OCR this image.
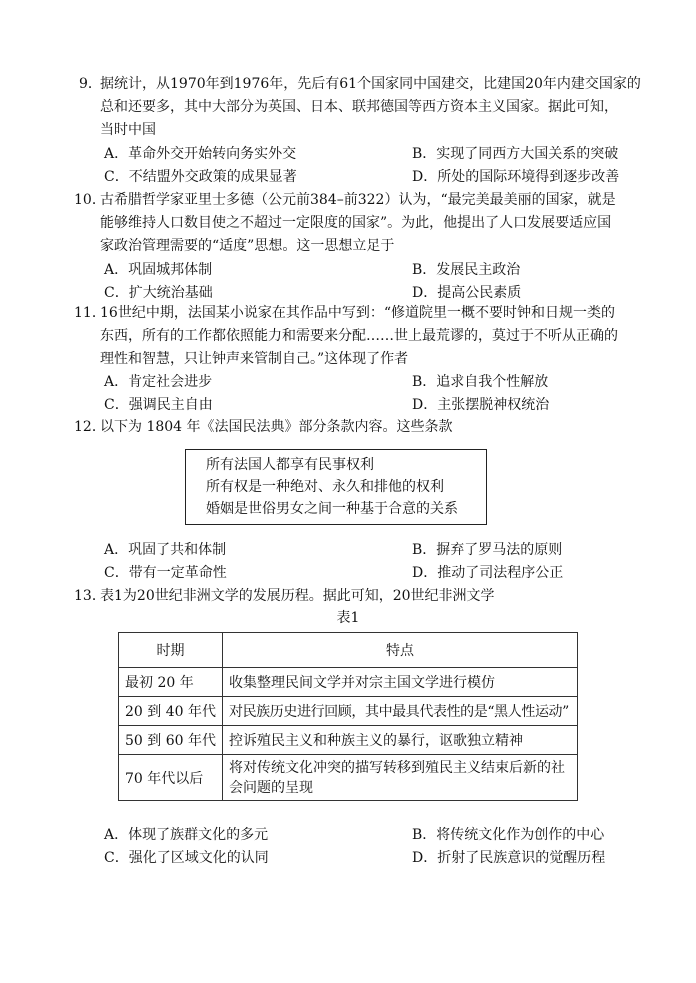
9．
据统计，从1970年到1976年，先后有61个国家同中国建交，比建国20年内建交国家的
总和还要多，其中大部分为英国、日本、联邦德国等西方资本主义国家。据此可知，
当时中国
A．革命外交开始转向务实外交	B．实现了同西方大国关系的突破
C．不结盟外交政策的成果显著	D．所处的国际环境得到逐步改善
10．
古希腊哲学家亚里士多德（公元前384–前322）认为，“最完美最美丽的国家，就是
能够维持人口数目使之不超过一定限度的国家”。为此，他提出了人口发展要适应国
家政治管理需要的“适度”思想。这一思想立足于
A．巩固城邦体制	B．发展民主政治
C．扩大统治基础	D．提高公民素质
11．
16世纪中期，法国某小说家在其作品中写到：“修道院里一概不要时钟和日规一类的
东西，所有的工作都依照能力和需要来分配……世上最荒谬的，莫过于不听从正确的
理性和智慧，只让钟声来管制自己。”这体现了作者
A．肯定社会进步	B．追求自我个性解放
C．强调民主自由	D．主张摆脱神权统治
12．
以下为 1804 年《法国民法典》部分条款内容。这些条款
所有法国人都享有民事权利
所有权是一种绝对、永久和排他的权利
婚姻是世俗男女之间一种基于合意的关系
A．巩固了共和体制	B．摒弃了罗马法的原则
C．带有一定革命性	D．推动了司法程序公正
13．
表1为20世纪非洲文学的发展历程。据此可知，20世纪非洲文学
表1
时期	特点
最初 20 年	收集整理民间文学并对宗主国文学进行模仿
20 到 40 年代	对民族历史进行回顾，其中最具代表性的是“黑人性运动”
50 到 60 年代	控诉殖民主义和种族主义的暴行，讴歌独立精神
70 年代以后	将对传统文化冲突的描写转移到殖民主义结束后新的社会问题的呈现
A．体现了族群文化的多元	B．将传统文化作为创作的中心
C．强化了区域文化的认同	D．折射了民族意识的觉醒历程
